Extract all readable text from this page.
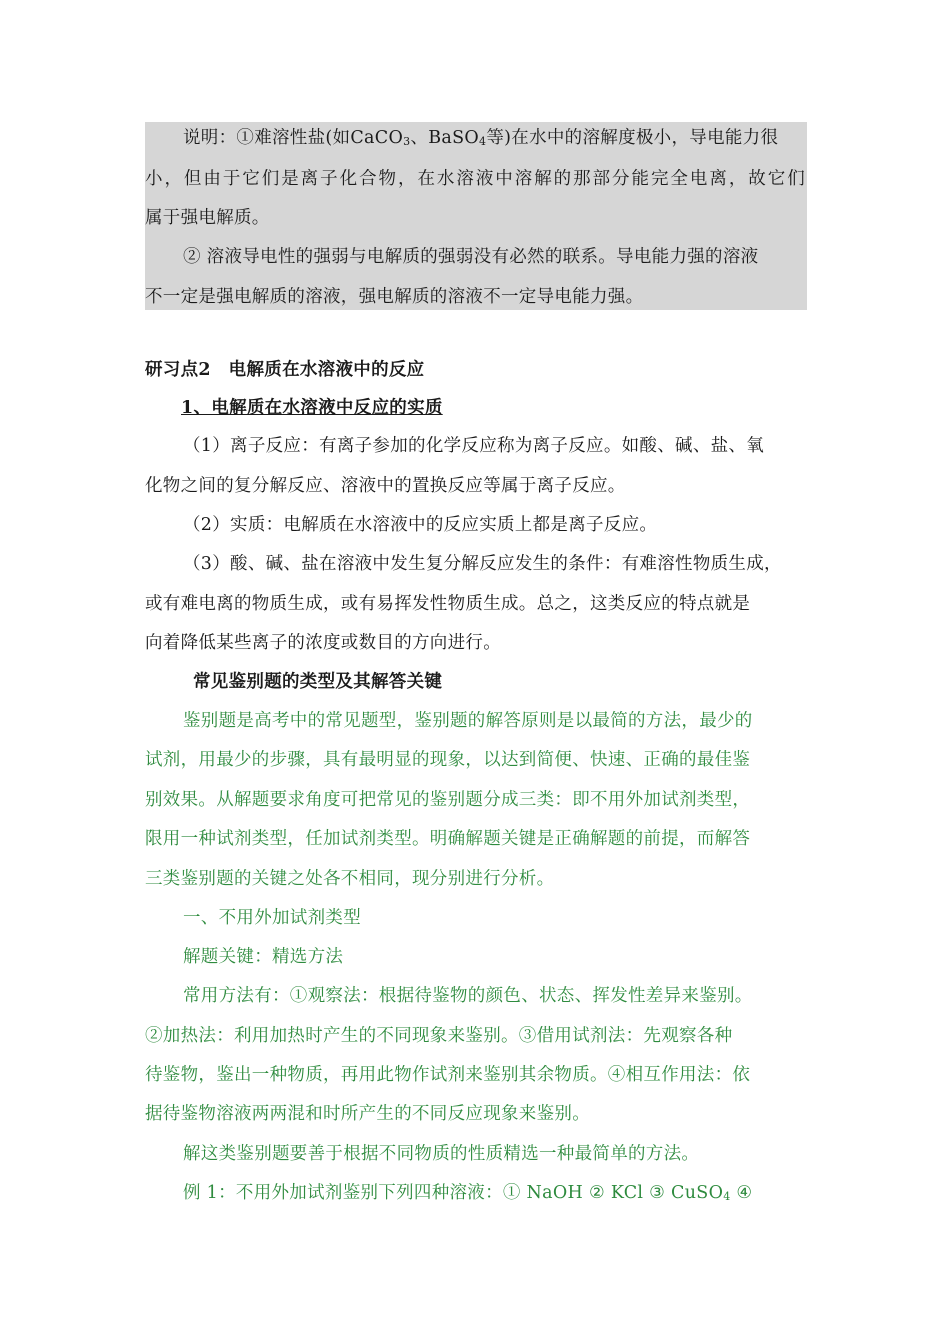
说明：①难溶性盐(如CaCO$_3$、BaSO$_4$等)在水中的溶解度极小，导电能力很
小，但由于它们是离子化合物，在水溶液中溶解的那部分能完全电离，故它们
属于强电解质。
② 溶液导电性的强弱与电解质的强弱没有必然的联系。导电能力强的溶液
不一定是强电解质的溶液，强电解质的溶液不一定导电能力强。
研习点2　电解质在水溶液中的反应
1、电解质在水溶液中反应的实质
（1）离子反应：有离子参加的化学反应称为离子反应。如酸、碱、盐、氧
化物之间的复分解反应、溶液中的置换反应等属于离子反应。
（2）实质：电解质在水溶液中的反应实质上都是离子反应。
（3）酸、碱、盐在溶液中发生复分解反应发生的条件：有难溶性物质生成，
或有难电离的物质生成，或有易挥发性物质生成。总之，这类反应的特点就是
向着降低某些离子的浓度或数目的方向进行。
常见鉴别题的类型及其解答关键
鉴别题是高考中的常见题型，鉴别题的解答原则是以最简的方法，最少的
试剂，用最少的步骤，具有最明显的现象，以达到简便、快速、正确的最佳鉴
别效果。从解题要求角度可把常见的鉴别题分成三类：即不用外加试剂类型，
限用一种试剂类型，任加试剂类型。明确解题关键是正确解题的前提，而解答
三类鉴别题的关键之处各不相同，现分别进行分析。
一、不用外加试剂类型
解题关键：精选方法
常用方法有：①观察法：根据待鉴物的颜色、状态、挥发性差异来鉴别。
②加热法：利用加热时产生的不同现象来鉴别。③借用试剂法：先观察各种
待鉴物，鉴出一种物质，再用此物作试剂来鉴别其余物质。④相互作用法：依
据待鉴物溶液两两混和时所产生的不同反应现象来鉴别。
解这类鉴别题要善于根据不同物质的性质精选一种最简单的方法。
例 1：不用外加试剂鉴别下列四种溶液：① NaOH ② KCl ③ CuSO$_4$ ④
